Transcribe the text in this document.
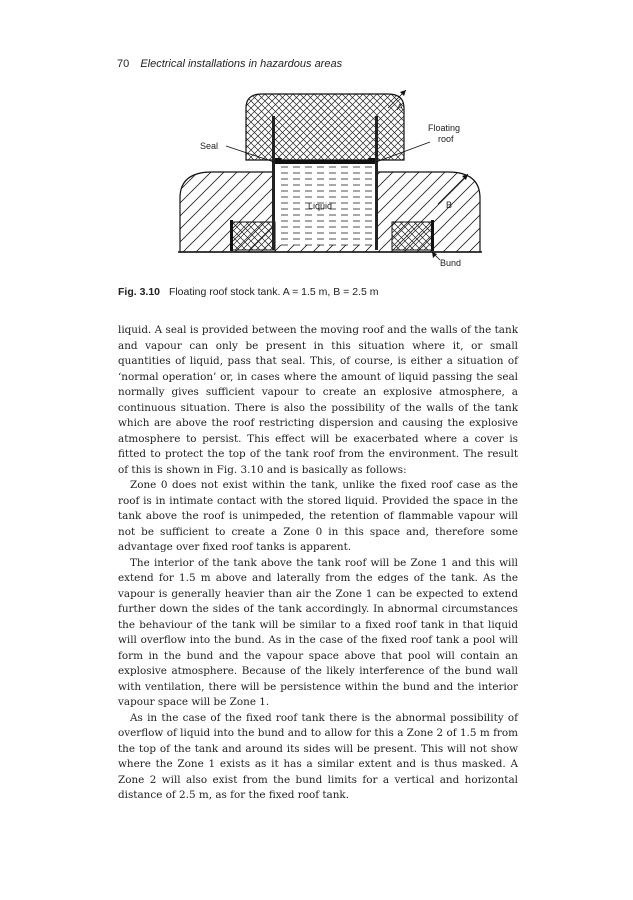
70 Electrical installations in hazardous areas
Liquid
Seal
Floating
roof
A
B
Bund
Fig. 3.10 Floating roof stock tank. A = 1.5 m, B = 2.5 m

liquid. A seal is provided between the moving roof and the walls of the tank and vapour can only be present in this situation where it, or small quantities of liquid, pass that seal. This, of course, is either a situation of ‘normal operation’ or, in cases where the amount of liquid passing the seal normally gives sufficient vapour to create an explosive atmosphere, a continuous situation. There is also the possibility of the walls of the tank which are above the roof restricting dispersion and causing the explosive atmosphere to persist. This effect will be exacerbated where a cover is fitted to protect the top of the tank roof from the environment. The result of this is shown in Fig. 3.10 and is basically as follows:

Zone 0 does not exist within the tank, unlike the fixed roof case as the roof is in intimate contact with the stored liquid. Provided the space in the tank above the roof is unimpeded, the retention of flammable vapour will not be sufficient to create a Zone 0 in this space and, therefore some advantage over fixed roof tanks is apparent.

The interior of the tank above the tank roof will be Zone 1 and this will extend for 1.5 m above and laterally from the edges of the tank. As the vapour is generally heavier than air the Zone 1 can be expected to extend further down the sides of the tank accordingly. In abnormal circumstances the behaviour of the tank will be similar to a fixed roof tank in that liquid will overflow into the bund. As in the case of the fixed roof tank a pool will form in the bund and the vapour space above that pool will contain an explosive atmosphere. Because of the likely interference of the bund wall with ventilation, there will be persistence within the bund and the interior vapour space will be Zone 1.

As in the case of the fixed roof tank there is the abnormal possibility of overflow of liquid into the bund and to allow for this a Zone 2 of 1.5 m from the top of the tank and around its sides will be present. This will not show where the Zone 1 exists as it has a similar extent and is thus masked. A Zone 2 will also exist from the bund limits for a vertical and horizontal distance of 2.5 m, as for the fixed roof tank.
